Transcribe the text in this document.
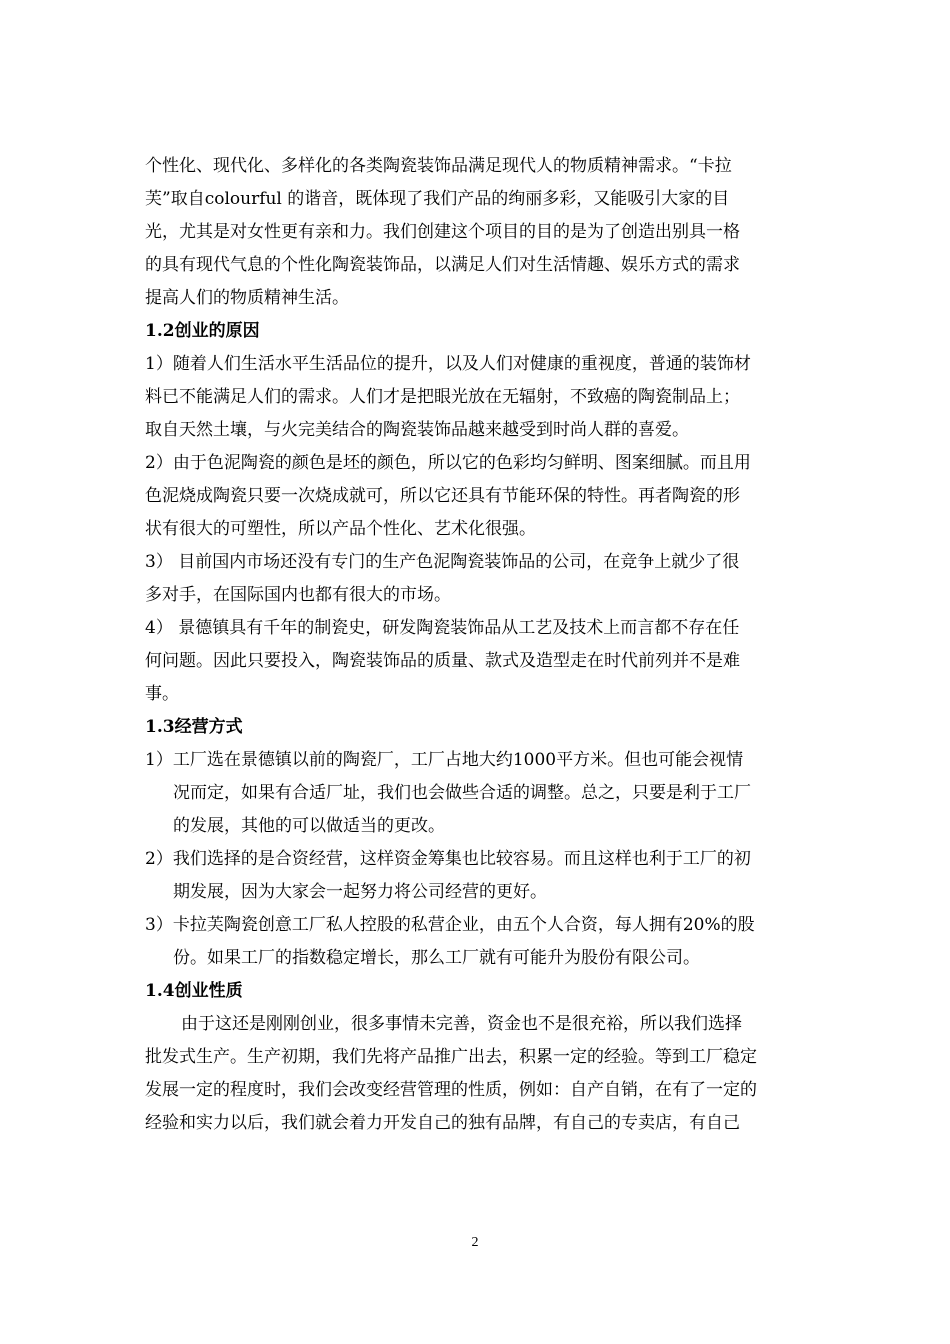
个性化、现代化、多样化的各类陶瓷装饰品满足现代人的物质精神需求。“卡拉
芙”取自colourful 的谐音，既体现了我们产品的绚丽多彩，又能吸引大家的目
光，尤其是对女性更有亲和力。我们创建这个项目的目的是为了创造出别具一格
的具有现代气息的个性化陶瓷装饰品，以满足人们对生活情趣、娱乐方式的需求
提高人们的物质精神生活。
1.2创业的原因
1）随着人们生活水平生活品位的提升，以及人们对健康的重视度，普通的装饰材
料已不能满足人们的需求。人们才是把眼光放在无辐射，不致癌的陶瓷制品上；
取自天然土壤，与火完美结合的陶瓷装饰品越来越受到时尚人群的喜爱。
2）由于色泥陶瓷的颜色是坯的颜色，所以它的色彩均匀鲜明、图案细腻。而且用
色泥烧成陶瓷只要一次烧成就可，所以它还具有节能环保的特性。再者陶瓷的形
状有很大的可塑性，所以产品个性化、艺术化很强。
3） 目前国内市场还没有专门的生产色泥陶瓷装饰品的公司，在竞争上就少了很
多对手，在国际国内也都有很大的市场。
4） 景德镇具有千年的制瓷史，研发陶瓷装饰品从工艺及技术上而言都不存在任
何问题。因此只要投入，陶瓷装饰品的质量、款式及造型走在时代前列并不是难
事。
1.3经营方式
1）工厂选在景德镇以前的陶瓷厂，工厂占地大约1000平方米。但也可能会视情
况而定，如果有合适厂址，我们也会做些合适的调整。总之，只要是利于工厂
的发展，其他的可以做适当的更改。
2）我们选择的是合资经营，这样资金筹集也比较容易。而且这样也利于工厂的初
期发展，因为大家会一起努力将公司经营的更好。
3）卡拉芙陶瓷创意工厂私人控股的私营企业，由五个人合资，每人拥有20%的股
份。如果工厂的指数稳定增长，那么工厂就有可能升为股份有限公司。
1.4创业性质
由于这还是刚刚创业，很多事情未完善，资金也不是很充裕，所以我们选择
批发式生产。生产初期，我们先将产品推广出去，积累一定的经验。等到工厂稳定
发展一定的程度时，我们会改变经营管理的性质，例如：自产自销，在有了一定的
经验和实力以后，我们就会着力开发自己的独有品牌，有自己的专卖店，有自己
2
